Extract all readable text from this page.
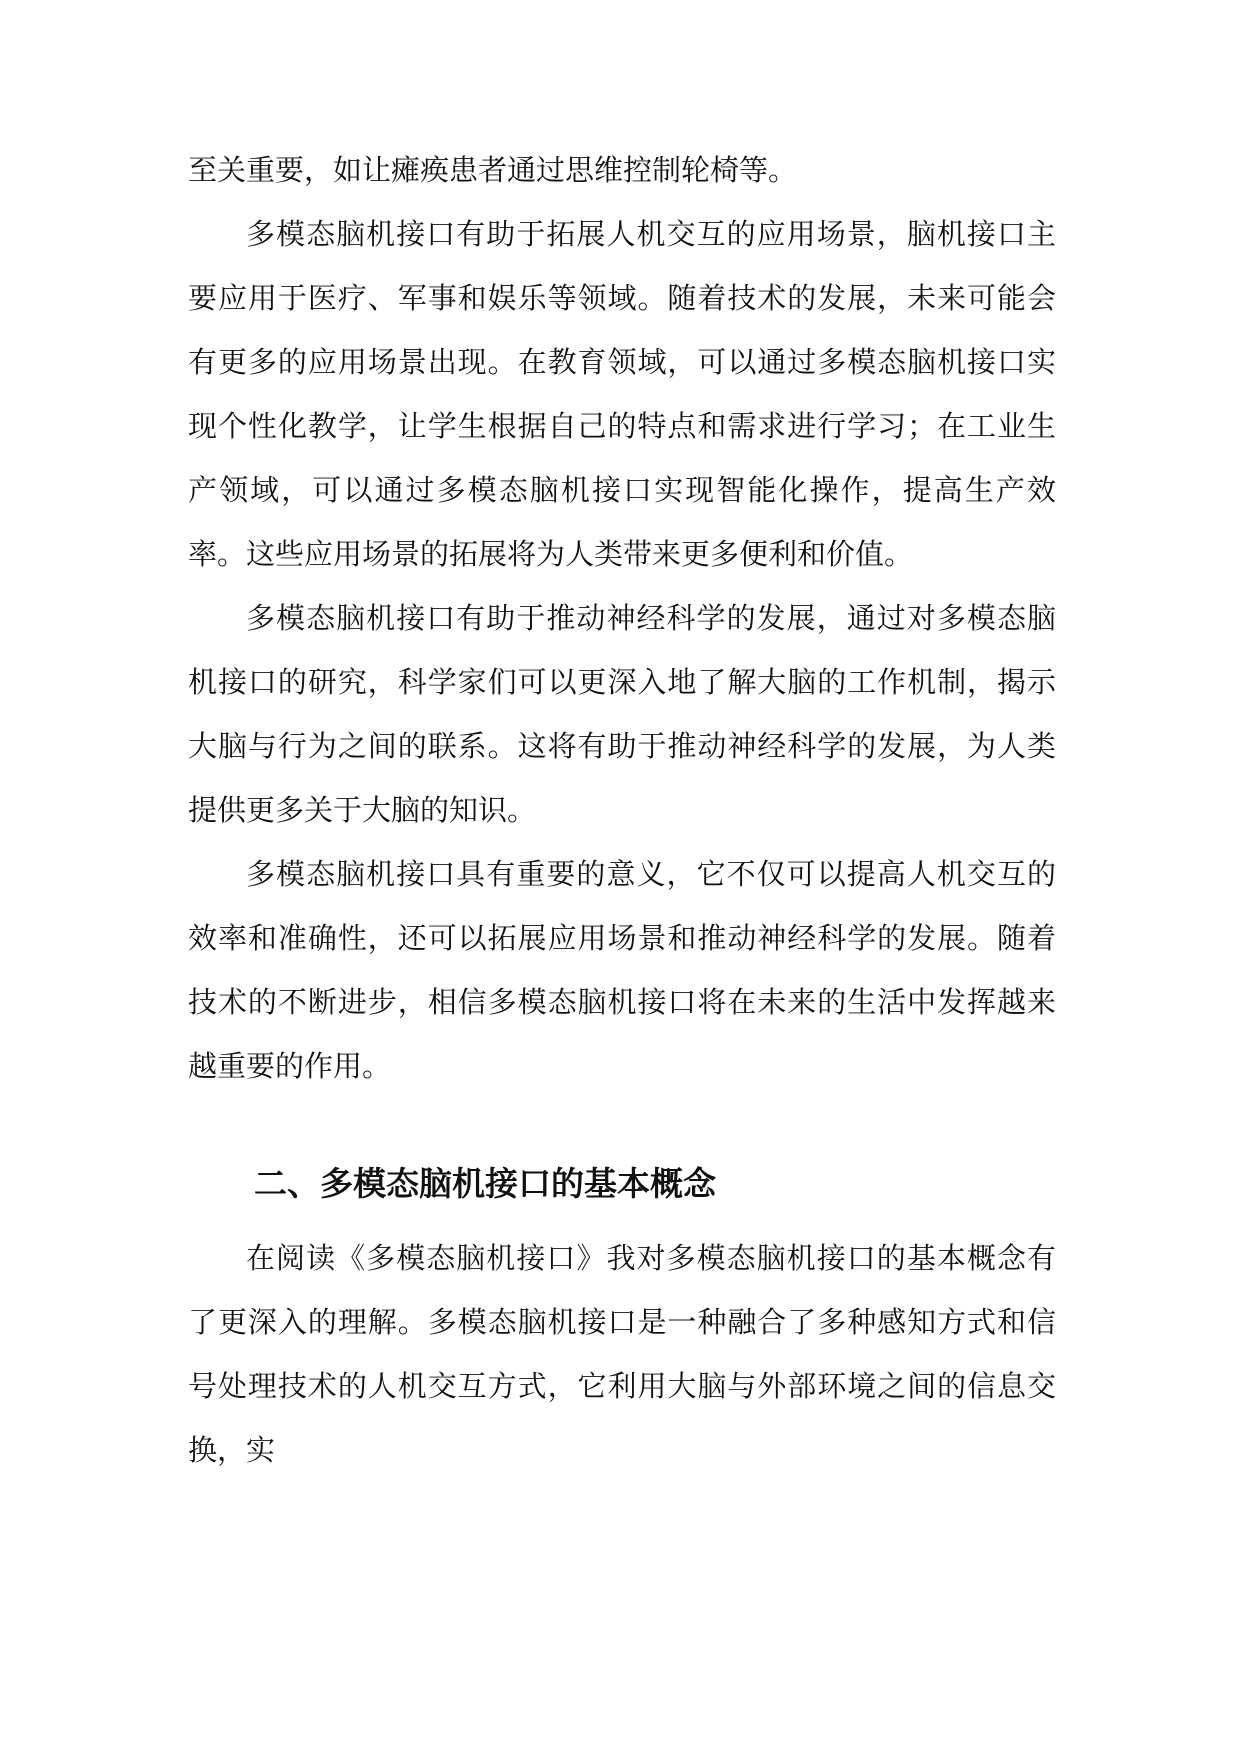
至关重要，如让瘫痪患者通过思维控制轮椅等。

多模态脑机接口有助于拓展人机交互的应用场景，脑机接口主要应用于医疗、军事和娱乐等领域。随着技术的发展，未来可能会有更多的应用场景出现。在教育领域，可以通过多模态脑机接口实现个性化教学，让学生根据自己的特点和需求进行学习；在工业生产领域，可以通过多模态脑机接口实现智能化操作，提高生产效率。这些应用场景的拓展将为人类带来更多便利和价值。

多模态脑机接口有助于推动神经科学的发展，通过对多模态脑机接口的研究，科学家们可以更深入地了解大脑的工作机制，揭示大脑与行为之间的联系。这将有助于推动神经科学的发展，为人类提供更多关于大脑的知识。

多模态脑机接口具有重要的意义，它不仅可以提高人机交互的效率和准确性，还可以拓展应用场景和推动神经科学的发展。随着技术的不断进步，相信多模态脑机接口将在未来的生活中发挥越来越重要的作用。

二、多模态脑机接口的基本概念

在阅读《多模态脑机接口》我对多模态脑机接口的基本概念有了更深入的理解。多模态脑机接口是一种融合了多种感知方式和信号处理技术的人机交互方式，它利用大脑与外部环境之间的信息交换，实
